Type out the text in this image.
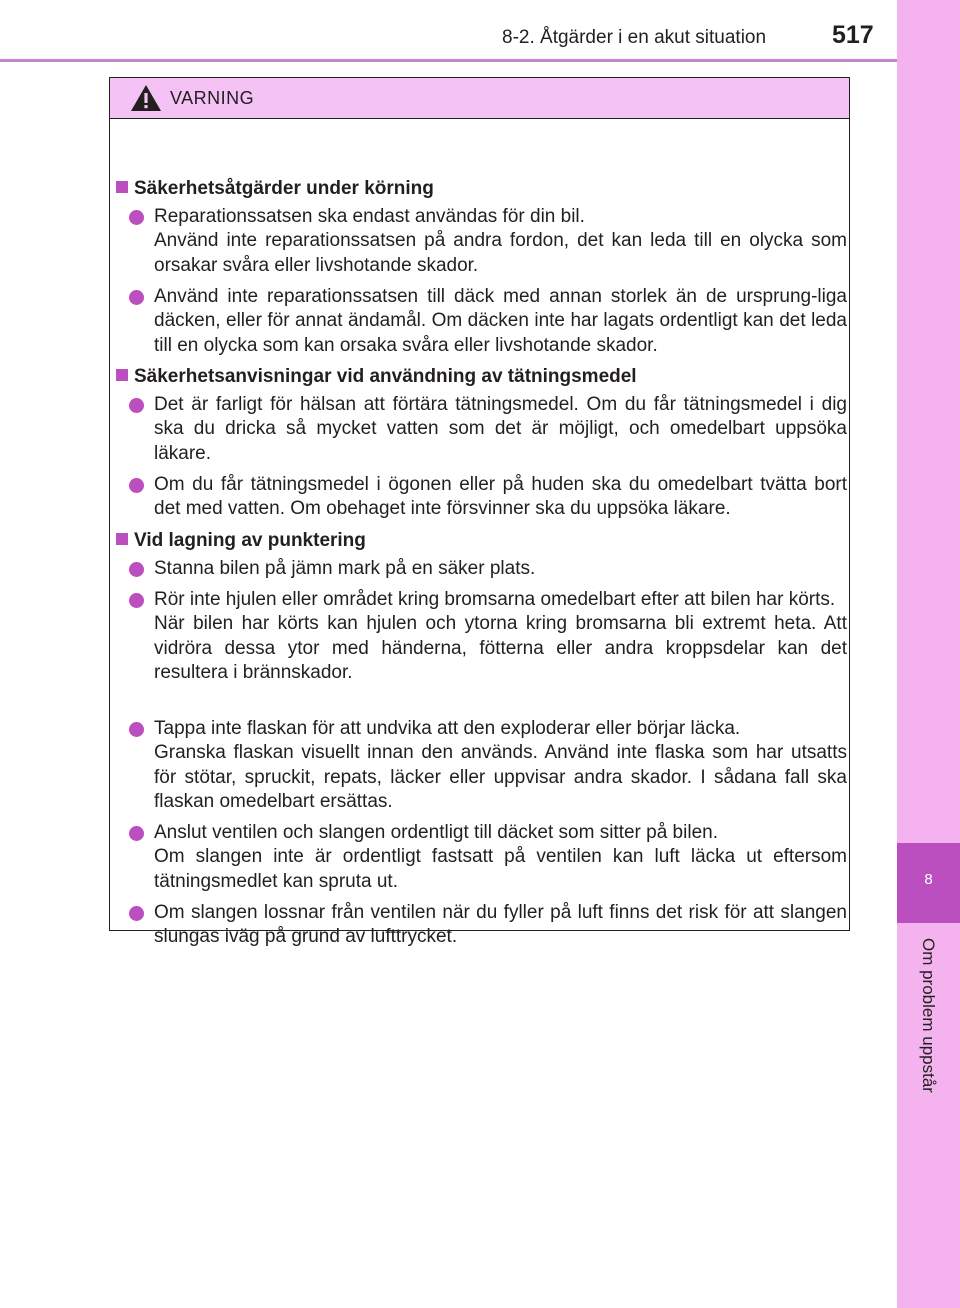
8
Om problem uppstår
8-2. Åtgärder i en akut situation	517
VARNING
Säkerhetsåtgärder under körning
Reparationssatsen ska endast användas för din bil.
Använd inte reparationssatsen på andra fordon, det kan leda till en olycka som orsakar svåra eller livshotande skador.
Använd inte reparationssatsen till däck med annan storlek än de ursprung-liga däcken, eller för annat ändamål. Om däcken inte har lagats ordentligt kan det leda till en olycka som kan orsaka svåra eller livshotande skador.
Säkerhetsanvisningar vid användning av tätningsmedel
Det är farligt för hälsan att förtära tätningsmedel. Om du får tätningsmedel i dig ska du dricka så mycket vatten som det är möjligt, och omedelbart uppsöka läkare.
Om du får tätningsmedel i ögonen eller på huden ska du omedelbart tvätta bort det med vatten. Om obehaget inte försvinner ska du uppsöka läkare.
Vid lagning av punktering
Stanna bilen på jämn mark på en säker plats.
Rör inte hjulen eller området kring bromsarna omedelbart efter att bilen har körts.
När bilen har körts kan hjulen och ytorna kring bromsarna bli extremt heta. Att vidröra dessa ytor med händerna, fötterna eller andra kroppsdelar kan det resultera i brännskador.
Tappa inte flaskan för att undvika att den exploderar eller börjar läcka.
Granska flaskan visuellt innan den används. Använd inte flaska som har utsatts för stötar, spruckit, repats, läcker eller uppvisar andra skador. I sådana fall ska flaskan omedelbart ersättas.
Anslut ventilen och slangen ordentligt till däcket som sitter på bilen.
Om slangen inte är ordentligt fastsatt på ventilen kan luft läcka ut eftersom tätningsmedlet kan spruta ut.
Om slangen lossnar från ventilen när du fyller på luft finns det risk för att slangen slungas iväg på grund av lufttrycket.
